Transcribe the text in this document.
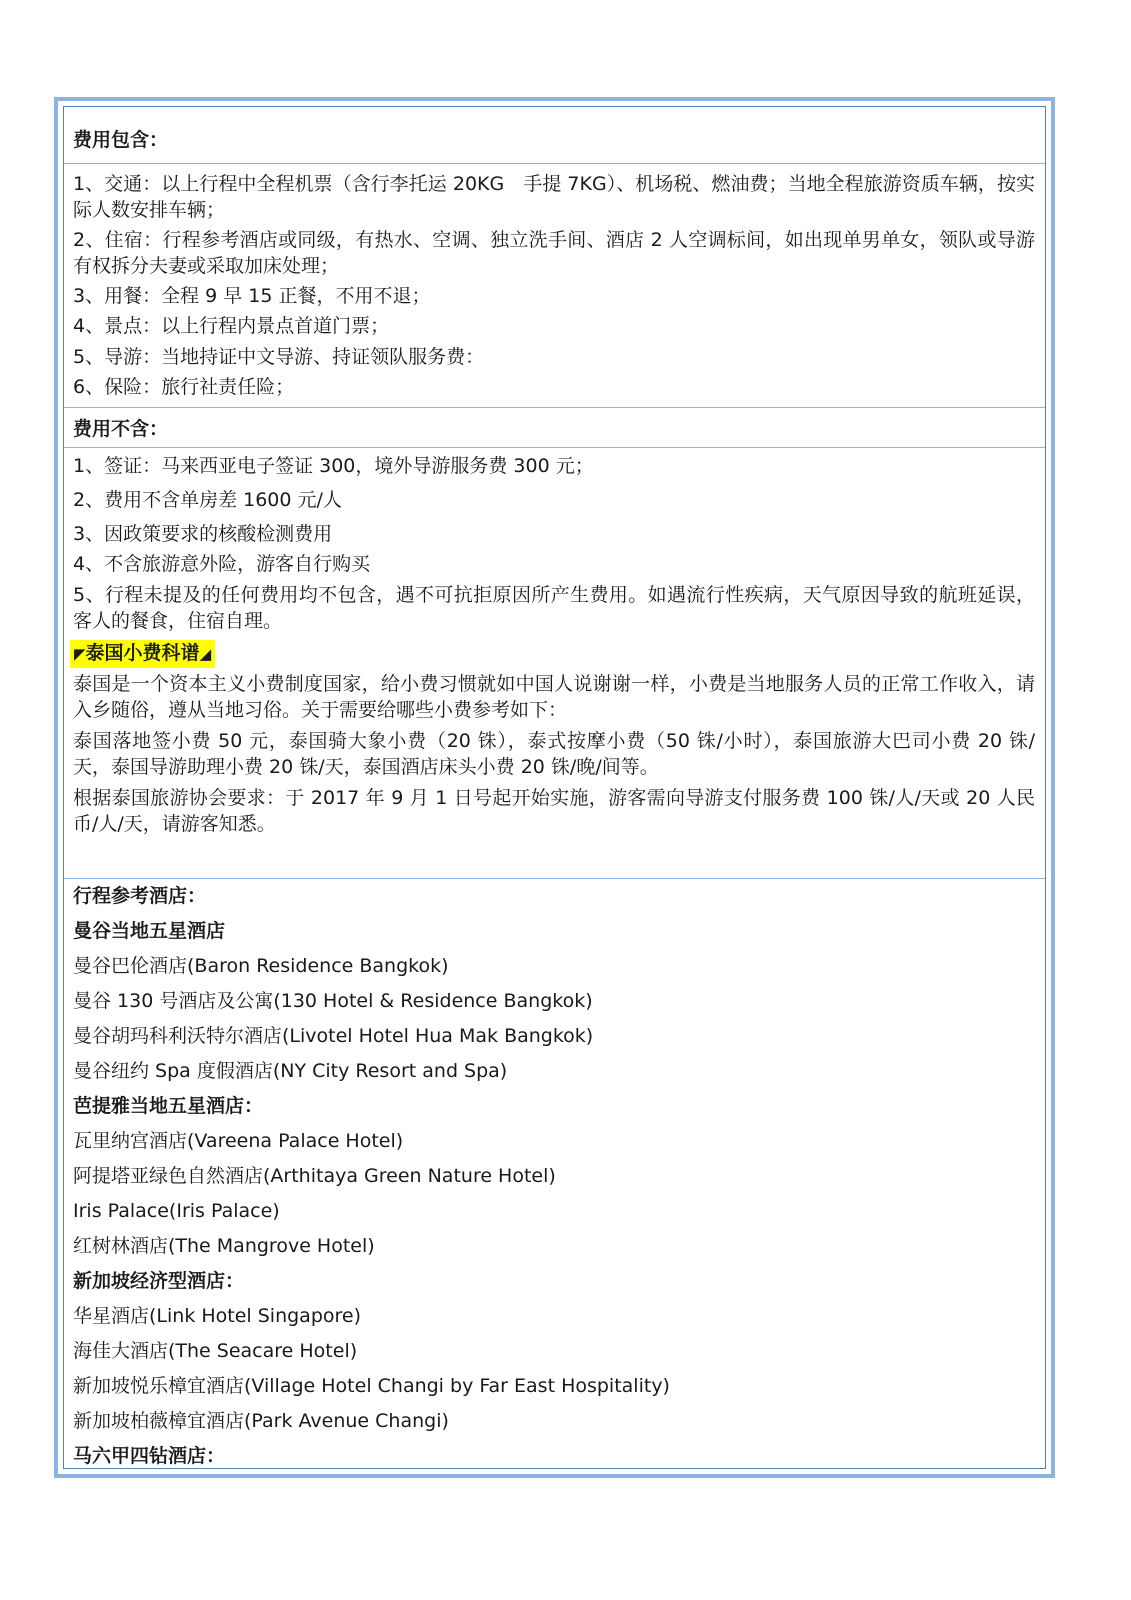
费用包含：
1、交通：以上行程中全程机票（含行李托运 20KG　手提 7KG）、机场税、燃油费；当地全程旅游资质车辆，按实际人数安排车辆；
2、住宿：行程参考酒店或同级，有热水、空调、独立洗手间、酒店 2 人空调标间，如出现单男单女，领队或导游有权拆分夫妻或采取加床处理；
3、用餐：全程 9 早 15 正餐，不用不退；
4、景点：以上行程内景点首道门票；
5、导游：当地持证中文导游、持证领队服务费：
6、保险：旅行社责任险；
费用不含：
1、签证：马来西亚电子签证 300，境外导游服务费 300 元；
2、费用不含单房差 1600 元/人
3、因政策要求的核酸检测费用
4、不含旅游意外险，游客自行购买
5、行程未提及的任何费用均不包含，遇不可抗拒原因所产生费用。如遇流行性疾病，天气原因导致的航班延误，客人的餐食，住宿自理。
◤泰国小费科谱◢
泰国是一个资本主义小费制度国家，给小费习惯就如中国人说谢谢一样，小费是当地服务人员的正常工作收入，请入乡随俗，遵从当地习俗。关于需要给哪些小费参考如下：
泰国落地签小费 50 元，泰国骑大象小费（20 铢），泰式按摩小费（50 铢/小时），泰国旅游大巴司小费 20 铢/天，泰国导游助理小费 20 铢/天，泰国酒店床头小费 20 铢/晚/间等。
根据泰国旅游协会要求：于 2017 年 9 月 1 日号起开始实施，游客需向导游支付服务费 100 铢/人/天或 20 人民币/人/天，请游客知悉。
行程参考酒店：
曼谷当地五星酒店
曼谷巴伦酒店(Baron Residence Bangkok)
曼谷 130 号酒店及公寓(130 Hotel & Residence Bangkok)
曼谷胡玛科利沃特尔酒店(Livotel Hotel Hua Mak Bangkok)
曼谷纽约 Spa 度假酒店(NY City Resort and Spa)
芭提雅当地五星酒店：
瓦里纳宫酒店(Vareena Palace Hotel)
阿提塔亚绿色自然酒店(Arthitaya Green Nature Hotel)
Iris Palace(Iris Palace)
红树林酒店(The Mangrove Hotel)
新加坡经济型酒店：
华星酒店(Link Hotel Singapore)
海佳大酒店(The Seacare Hotel)
新加坡悦乐樟宜酒店(Village Hotel Changi by Far East Hospitality)
新加坡柏薇樟宜酒店(Park Avenue Changi)
马六甲四钻酒店：
